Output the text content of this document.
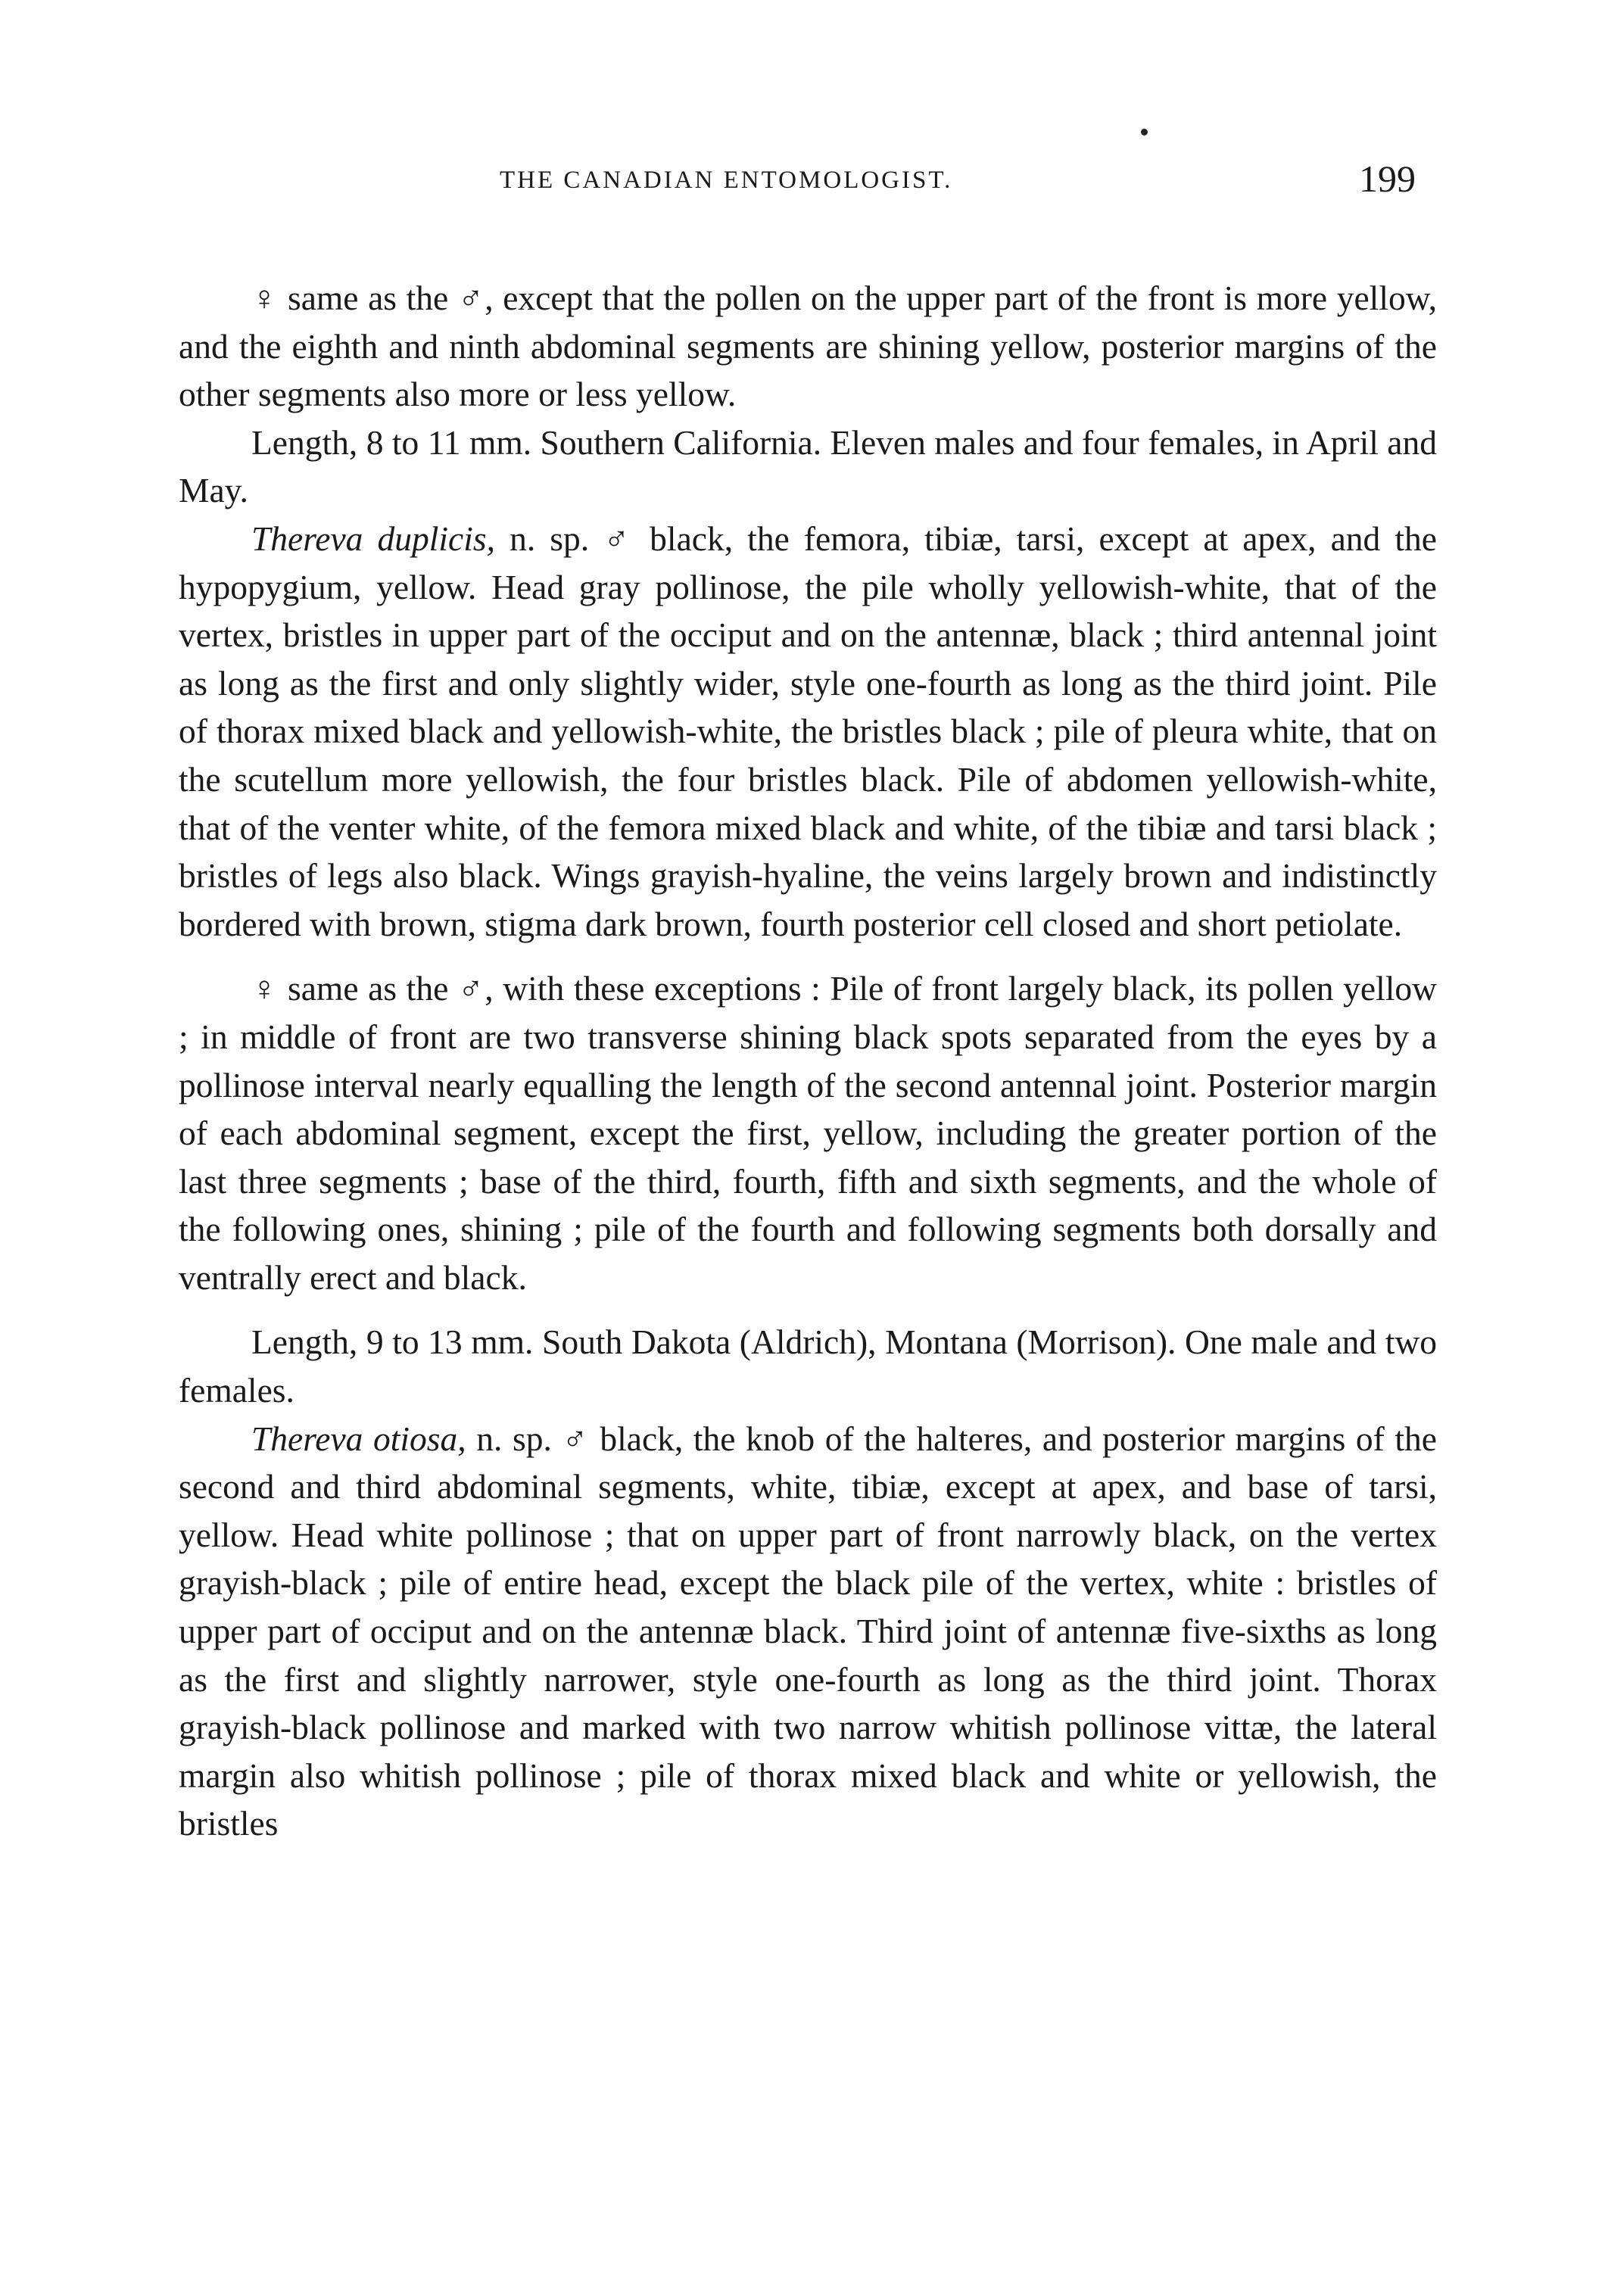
THE CANADIAN ENTOMOLOGIST.	199

♀ same as the ♂, except that the pollen on the upper part of the front is more yellow, and the eighth and ninth abdominal segments are shining yellow, posterior margins of the other segments also more or less yellow.

Length, 8 to 11 mm. Southern California. Eleven males and four females, in April and May.

Thereva duplicis, n. sp. ♂ black, the femora, tibiæ, tarsi, except at apex, and the hypopygium, yellow. Head gray pollinose, the pile wholly yellowish-white, that of the vertex, bristles in upper part of the occiput and on the antennæ, black ; third antennal joint as long as the first and only slightly wider, style one-fourth as long as the third joint. Pile of thorax mixed black and yellowish-white, the bristles black ; pile of pleura white, that on the scutellum more yellowish, the four bristles black. Pile of abdomen yellowish-white, that of the venter white, of the femora mixed black and white, of the tibiæ and tarsi black ; bristles of legs also black. Wings grayish-hyaline, the veins largely brown and indistinctly bordered with brown, stigma dark brown, fourth posterior cell closed and short petiolate.

♀ same as the ♂, with these exceptions : Pile of front largely black, its pollen yellow ; in middle of front are two transverse shining black spots separated from the eyes by a pollinose interval nearly equalling the length of the second antennal joint. Posterior margin of each abdominal segment, except the first, yellow, including the greater portion of the last three segments ; base of the third, fourth, fifth and sixth segments, and the whole of the following ones, shining ; pile of the fourth and following segments both dorsally and ventrally erect and black.

Length, 9 to 13 mm. South Dakota (Aldrich), Montana (Morrison). One male and two females.

Thereva otiosa, n. sp. ♂ black, the knob of the halteres, and posterior margins of the second and third abdominal segments, white, tibiæ, except at apex, and base of tarsi, yellow. Head white pollinose ; that on upper part of front narrowly black, on the vertex grayish-black ; pile of entire head, except the black pile of the vertex, white : bristles of upper part of occiput and on the antennæ black. Third joint of antennæ five-sixths as long as the first and slightly narrower, style one-fourth as long as the third joint. Thorax grayish-black pollinose and marked with two narrow whitish pollinose vittæ, the lateral margin also whitish pollinose ; pile of thorax mixed black and white or yellowish, the bristles
